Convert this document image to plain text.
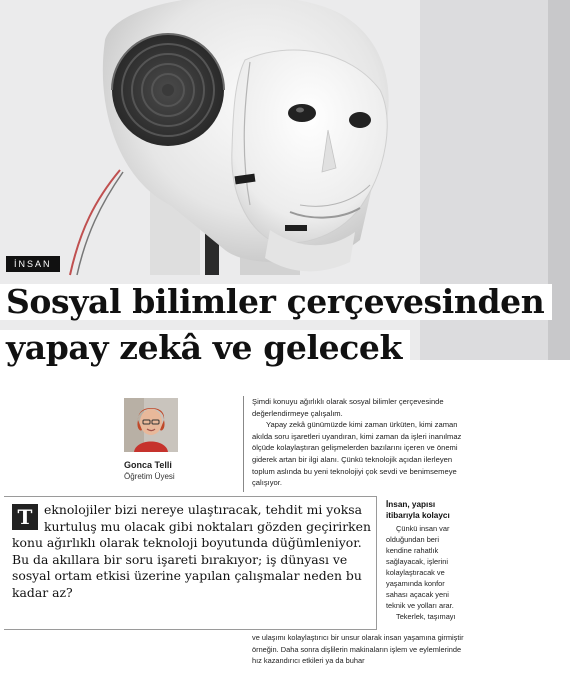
İNSAN
Sosyal bilimler çerçevesinden
yapay zekâ ve gelecek
Gonca Telli
Öğretim Üyesi

Şimdi konuyu ağırlıklı olarak sosyal bilimler çerçevesinde değerlendirmeye çalışalım.

Yapay zekâ günümüzde kimi zaman ürküten, kimi zaman akılda soru işaretleri uyandıran, kimi zaman da işleri inanılmaz ölçüde kolaylaştıran gelişmelerden bazılarını içeren ve önemi giderek artan bir ilgi alanı. Çünkü teknolojik açıdan ilerleyen toplum aslında bu yeni teknolojiyi çok sevdi ve benimsemeye çalışıyor.

T eknolojiler bizi nereye ulaştıracak, tehdit mi yoksa kurtuluş mu olacak gibi noktaları gözden geçirirken konu ağırlıklı olarak teknoloji boyutunda düğümleniyor. Bu da akıllara bir soru işareti bırakıyor; iş dünyası ve sosyal ortam etkisi üzerine yapılan çalışmalar neden bu kadar az?
İnsan, yapısı itibarıyla kolaycı

Çünkü insan var olduğundan beri kendine rahatlık sağlayacak, işlerini kolaylaştıracak ve yaşamında konfor sahası açacak yeni teknik ve yolları arar.

Tekerlek, taşımayı

ve ulaşımı kolaylaştırıcı bir unsur olarak insan yaşamına girmiştir örneğin. Daha sonra dişlilerin makinaların işlem ve eylemlerinde hız kazandırıcı etkileri ya da buhar
